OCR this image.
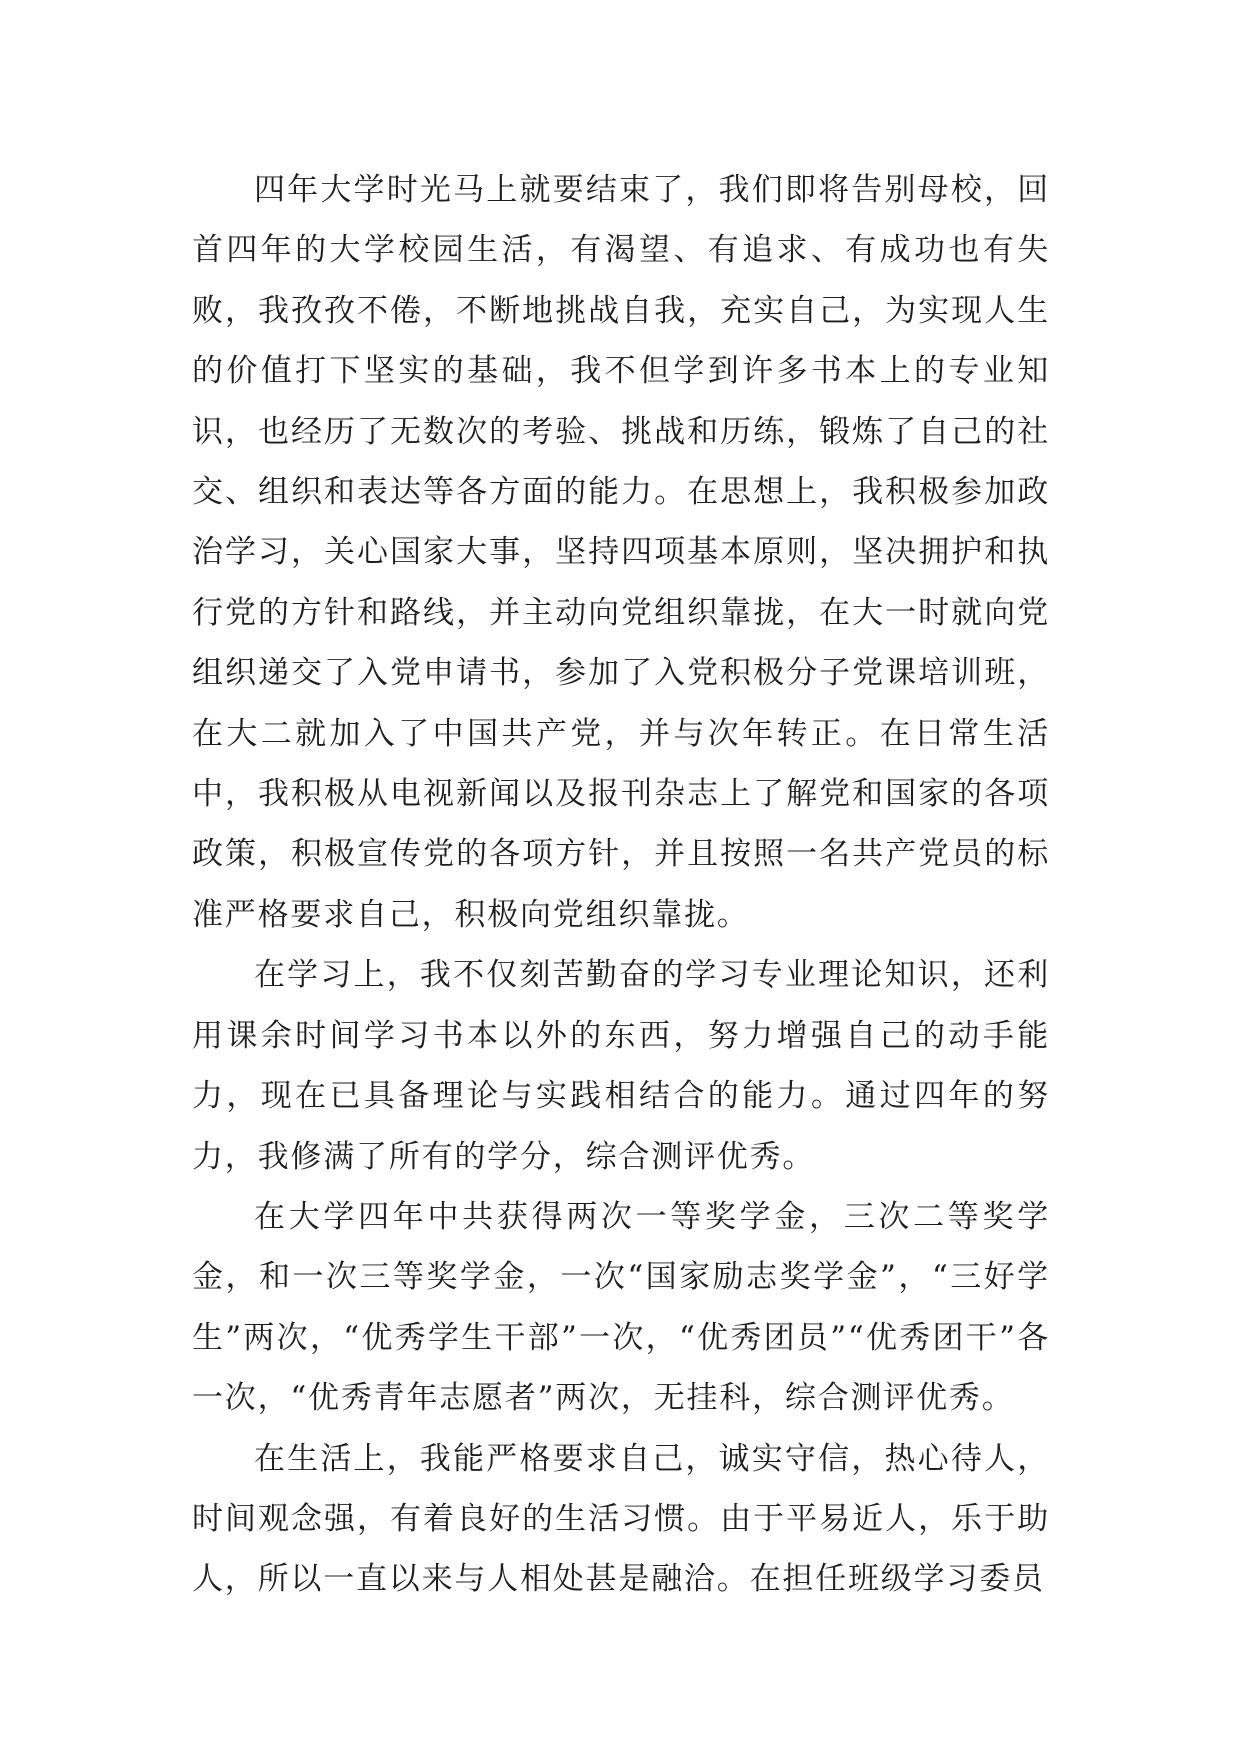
四年大学时光马上就要结束了，我们即将告别母校，回首四年的大学校园生活，有渴望、有追求、有成功也有失败，我孜孜不倦，不断地挑战自我，充实自己，为实现人生的价值打下坚实的基础，我不但学到许多书本上的专业知识，也经历了无数次的考验、挑战和历练，锻炼了自己的社交、组织和表达等各方面的能力。在思想上，我积极参加政治学习，关心国家大事，坚持四项基本原则，坚决拥护和执行党的方针和路线，并主动向党组织靠拢，在大一时就向党组织递交了入党申请书，参加了入党积极分子党课培训班，在大二就加入了中国共产党，并与次年转正。在日常生活中，我积极从电视新闻以及报刊杂志上了解党和国家的各项政策，积极宣传党的各项方针，并且按照一名共产党员的标准严格要求自己，积极向党组织靠拢。

在学习上，我不仅刻苦勤奋的学习专业理论知识，还利用课余时间学习书本以外的东西，努力增强自己的动手能力，现在已具备理论与实践相结合的能力。通过四年的努力，我修满了所有的学分，综合测评优秀。

在大学四年中共获得两次一等奖学金，三次二等奖学金，和一次三等奖学金，一次“国家励志奖学金”，“三好学生”两次，“优秀学生干部”一次，“优秀团员”“优秀团干”各一次，“优秀青年志愿者”两次，无挂科，综合测评优秀。

在生活上，我能严格要求自己，诚实守信，热心待人，时间观念强，有着良好的生活习惯。由于平易近人，乐于助人，所以一直以来与人相处甚是融洽。在担任班级学习委员
